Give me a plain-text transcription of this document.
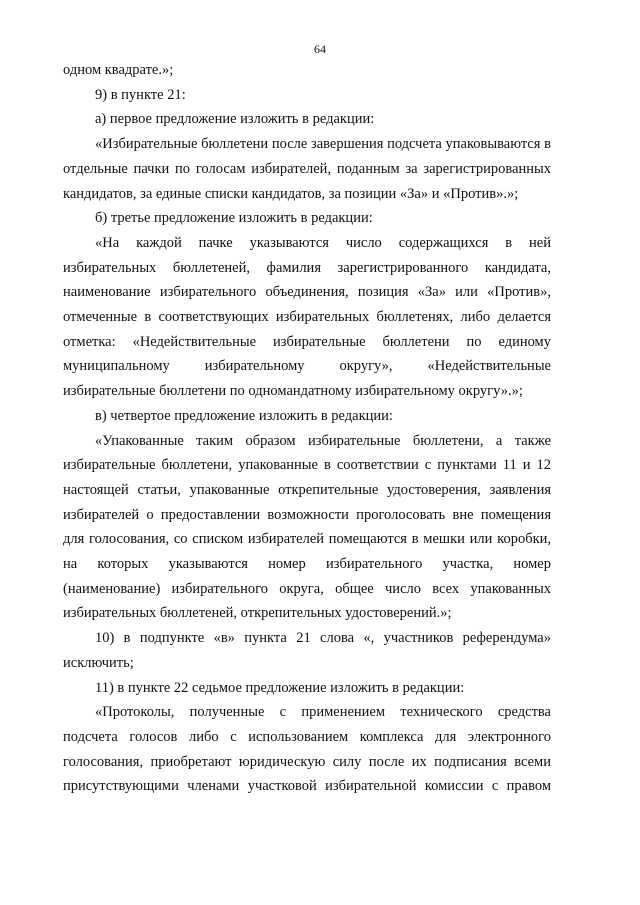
64

одном квадрате.»;

9) в пункте 21:

а) первое предложение изложить в редакции:

«Избирательные бюллетени после завершения подсчета упаковываются в отдельные пачки по голосам избирателей, поданным за зарегистрированных кандидатов, за единые списки кандидатов, за позиции «За» и «Против».»;

б) третье предложение изложить в редакции:

«На каждой пачке указываются число содержащихся в ней избирательных бюллетеней, фамилия зарегистрированного кандидата, наименование избирательного объединения, позиция «За» или «Против», отмеченные в соответствующих избирательных бюллетенях, либо делается отметка: «Недействительные избирательные бюллетени по единому муниципальному избирательному округу», «Недействительные избирательные бюллетени по одномандатному избирательному округу».»;

в) четвертое предложение изложить в редакции:

«Упакованные таким образом избирательные бюллетени, а также избирательные бюллетени, упакованные в соответствии с пунктами 11 и 12 настоящей статьи, упакованные открепительные удостоверения, заявления избирателей о предоставлении возможности проголосовать вне помещения для голосования, со списком избирателей помещаются в мешки или коробки, на которых указываются номер избирательного участка, номер (наименование) избирательного округа, общее число всех упакованных избирательных бюллетеней, открепительных удостоверений.»;

10) в подпункте «в» пункта 21 слова «, участников референдума» исключить;

11) в пункте 22 седьмое предложение изложить в редакции:

«Протоколы, полученные с применением технического средства подсчета голосов либо с использованием комплекса для электронного голосования, приобретают юридическую силу после их подписания всеми присутствующими членами участковой избирательной комиссии с правом
